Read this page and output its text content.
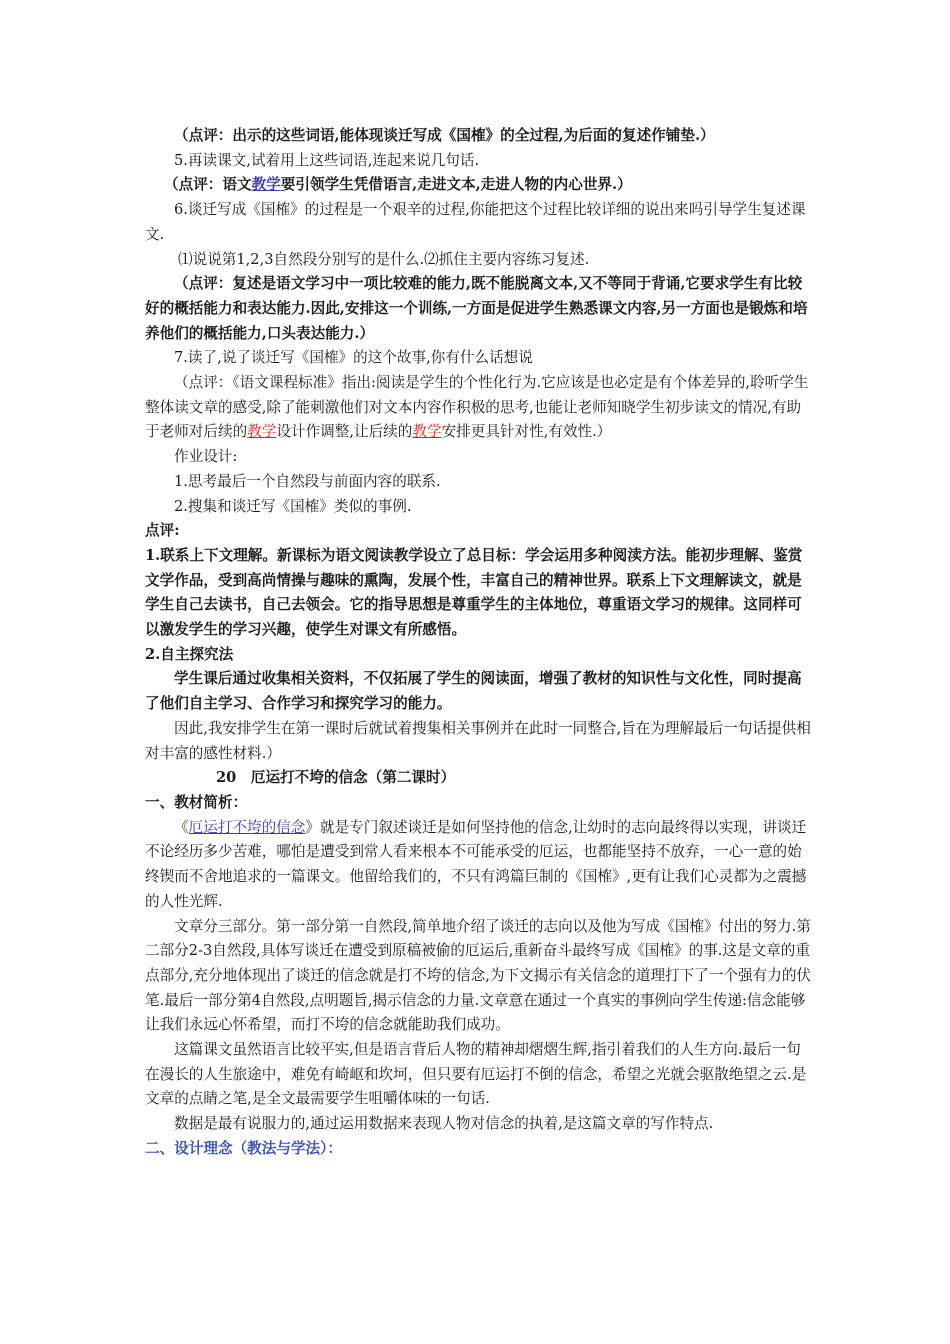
（点评：出示的这些词语,能体现谈迁写成《国榷》的全过程,为后面的复述作铺垫.）

5.再读课文,试着用上这些词语,连起来说几句话.

（点评：语文教学要引领学生凭借语言,走进文本,走进人物的内心世界.）

6.谈迁写成《国榷》的过程是一个艰辛的过程,你能把这个过程比较详细的说出来吗引导学生复述课文.

⑴说说第1,2,3自然段分别写的是什么.⑵抓住主要内容练习复述.

（点评：复述是语文学习中一项比较难的能力,既不能脱离文本,又不等同于背诵,它要求学生有比较好的概括能力和表达能力.因此,安排这一个训练,一方面是促进学生熟悉课文内容,另一方面也是锻炼和培养他们的概括能力,口头表达能力.）

7.读了,说了谈迁写《国榷》的这个故事,你有什么话想说

（点评：《语文课程标准》指出:阅读是学生的个性化行为.它应该是也必定是有个体差异的,聆听学生整体读文章的感受,除了能刺激他们对文本内容作积极的思考,也能让老师知晓学生初步读文的情况,有助于老师对后续的教学设计作调整,让后续的教学安排更具针对性,有效性.）

作业设计:

1.思考最后一个自然段与前面内容的联系.

2.搜集和谈迁写《国榷》类似的事例.

点评:

1.联系上下文理解。新课标为语文阅读教学设立了总目标：学会运用多种阅渎方法。能初步理解、鉴赏文学作品，受到高尚情操与趣味的熏陶，发展个性，丰富自己的精神世界。联系上下文理解读文，就是学生自己去读书，自己去领会。它的指导思想是尊重学生的主体地位，尊重语文学习的规律。这同样可以激发学生的学习兴趣，使学生对课文有所感悟。

2.自主探究法

学生课后通过收集相关资料，不仅拓展了学生的阅读面，增强了教材的知识性与文化性，同时提高了他们自主学习、合作学习和探究学习的能力。

因此,我安排学生在第一课时后就试着搜集相关事例并在此时一同整合,旨在为理解最后一句话提供相对丰富的感性材料.）

20　厄运打不垮的信念（第二课时）

一、教材简析：

《厄运打不垮的信念》就是专门叙述谈迁是如何坚持他的信念,让幼时的志向最终得以实现，讲谈迁不论经历多少苦难，哪怕是遭受到常人看来根本不可能承受的厄运，也都能坚持不放弃，一心一意的始终锲而不舍地追求的一篇课文。他留给我们的，不只有鸿篇巨制的《国榷》,更有让我们心灵都为之震撼的人性光辉.

文章分三部分。第一部分第一自然段,简单地介绍了谈迁的志向以及他为写成《国榷》付出的努力.第二部分2-3自然段,具体写谈迁在遭受到原稿被偷的厄运后,重新奋斗最终写成《国榷》的事.这是文章的重点部分,充分地体现出了谈迁的信念就是打不垮的信念,为下文揭示有关信念的道理打下了一个强有力的伏笔.最后一部分第4自然段,点明题旨,揭示信念的力量.文章意在通过一个真实的事例向学生传递:信念能够让我们永远心怀希望，而打不垮的信念就能助我们成功。

这篇课文虽然语言比较平实,但是语言背后人物的精神却熠熠生辉,指引着我们的人生方向.最后一句在漫长的人生旅途中，难免有崎岖和坎坷，但只要有厄运打不倒的信念，希望之光就会驱散绝望之云.是文章的点睛之笔,是全文最需要学生咀嚼体味的一句话.

数据是最有说服力的,通过运用数据来表现人物对信念的执着,是这篇文章的写作特点.

二、设计理念（教法与学法）：
